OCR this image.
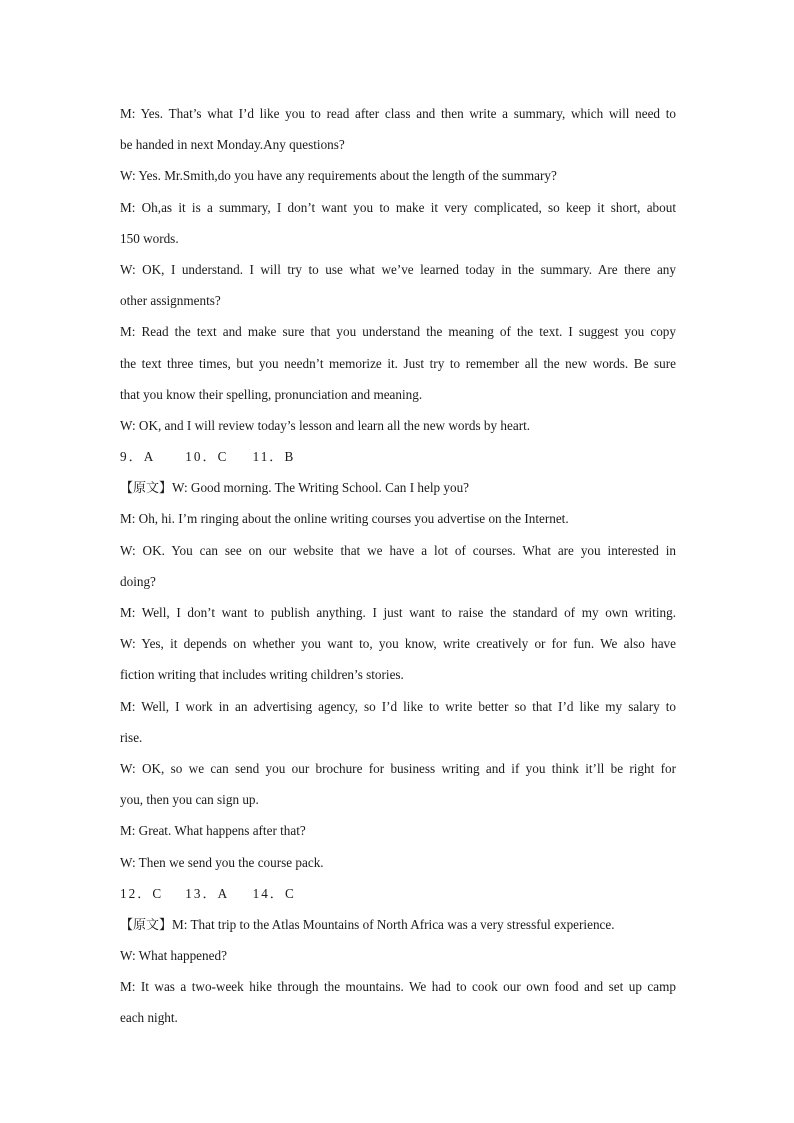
M: Yes. That’s what I’d like you to read after class and then write a summary, which will need to
be handed in next Monday.Any questions?
W: Yes. Mr.Smith,do you have any requirements about the length of the summary?
M: Oh,as it is a summary, I don’t want you to make it very complicated, so keep it short, about
150 words.
W: OK, I understand. I will try to use what we’ve learned today in the summary. Are there any
other assignments?
M: Read the text and make sure that you understand the meaning of the text. I suggest you copy
the text three times, but you needn’t memorize it. Just try to remember all the new words. Be sure
that you know their spelling, pronunciation and meaning.
W: OK, and I will review today’s lesson and learn all the new words by heart.
9．A 10．C 11．B
【原文】W: Good morning. The Writing School. Can I help you?
M: Oh, hi. I’m ringing about the online writing courses you advertise on the Internet.
W: OK. You can see on our website that we have a lot of courses. What are you interested in
doing?
M: Well, I don’t want to publish anything. I just want to raise the standard of my own writing.
W: Yes, it depends on whether you want to, you know, write creatively or for fun. We also have
fiction writing that includes writing children’s stories.
M: Well, I work in an advertising agency, so I’d like to write better so that I’d like my salary to
rise.
W: OK, so we can send you our brochure for business writing and if you think it’ll be right for
you, then you can sign up.
M: Great. What happens after that?
W: Then we send you the course pack.
12．C 13．A 14．C
【原文】M: That trip to the Atlas Mountains of North Africa was a very stressful experience.
W: What happened?
M: It was a two-week hike through the mountains. We had to cook our own food and set up camp
each night.
